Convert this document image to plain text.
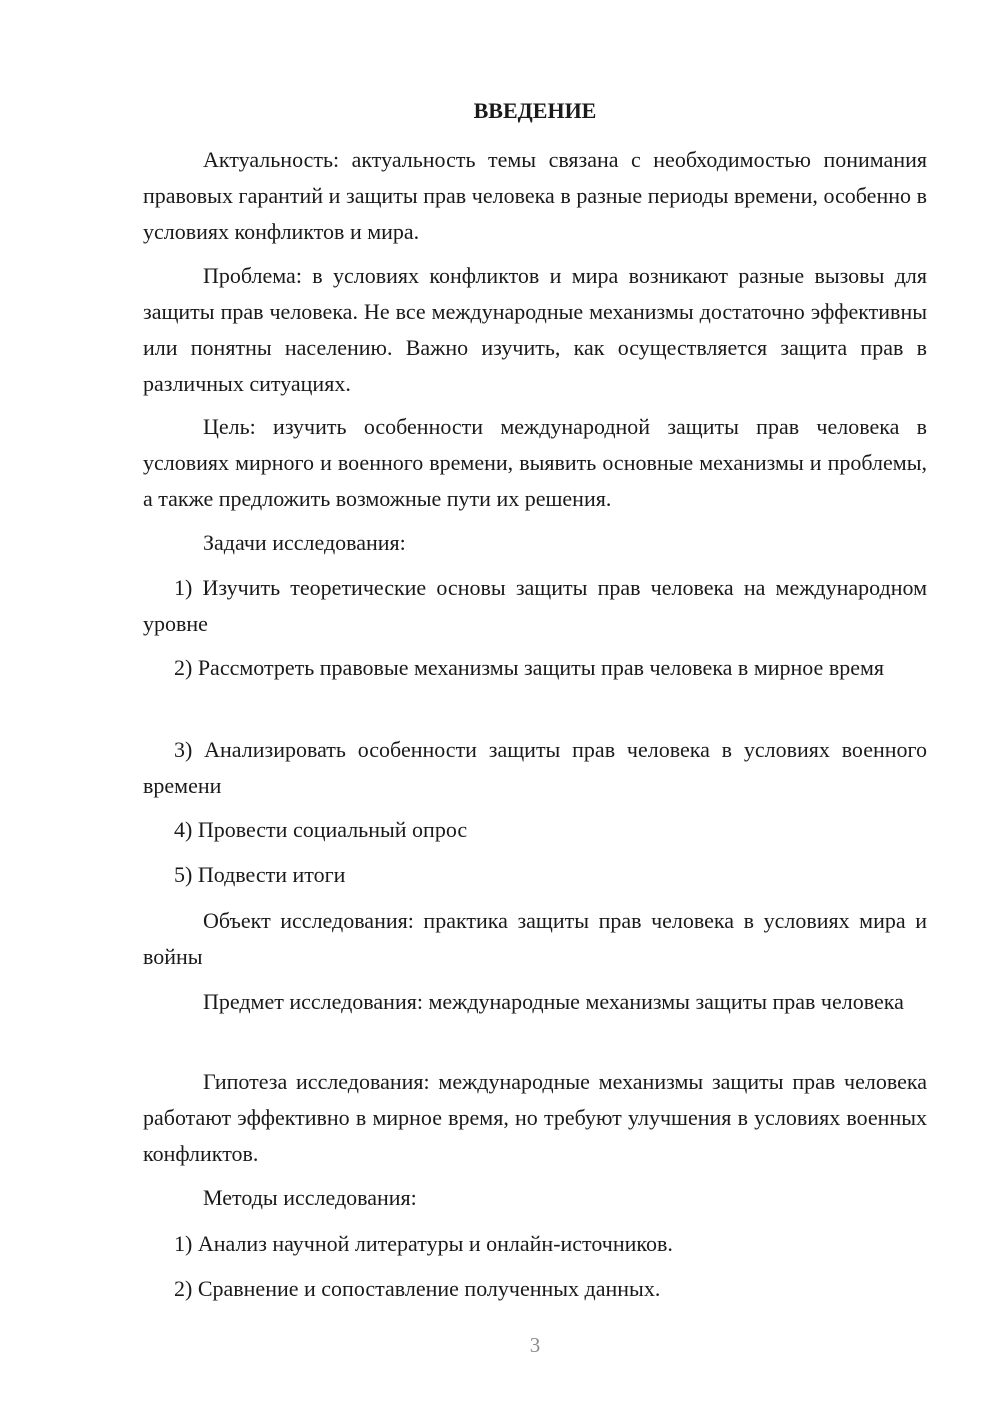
ВВЕДЕНИЕ

Актуальность: актуальность темы связана с необходимостью понимания правовых гарантий и защиты прав человека в разные периоды времени, особенно в условиях конфликтов и мира.

Проблема: в условиях конфликтов и мира возникают разные вызовы для защиты прав человека. Не все международные механизмы достаточно эффективны или понятны населению. Важно изучить, как осуществляется защита прав в различных ситуациях.

Цель: изучить особенности международной защиты прав человека в условиях мирного и военного времени, выявить основные механизмы и проблемы, а также предложить возможные пути их решения.

Задачи исследования:

1) Изучить теоретические основы защиты прав человека на международном уровне

2) Рассмотреть правовые механизмы защиты прав человека в мирное время

3) Анализировать особенности защиты прав человека в условиях военного времени

4) Провести социальный опрос

5) Подвести итоги

Объект исследования: практика защиты прав человека в условиях мира и войны

Предмет исследования: международные механизмы защиты прав человека

Гипотеза исследования: международные механизмы защиты прав человека работают эффективно в мирное время, но требуют улучшения в условиях военных конфликтов.

Методы исследования:

1) Анализ научной литературы и онлайн-источников.

2) Сравнение и сопоставление полученных данных.

3
